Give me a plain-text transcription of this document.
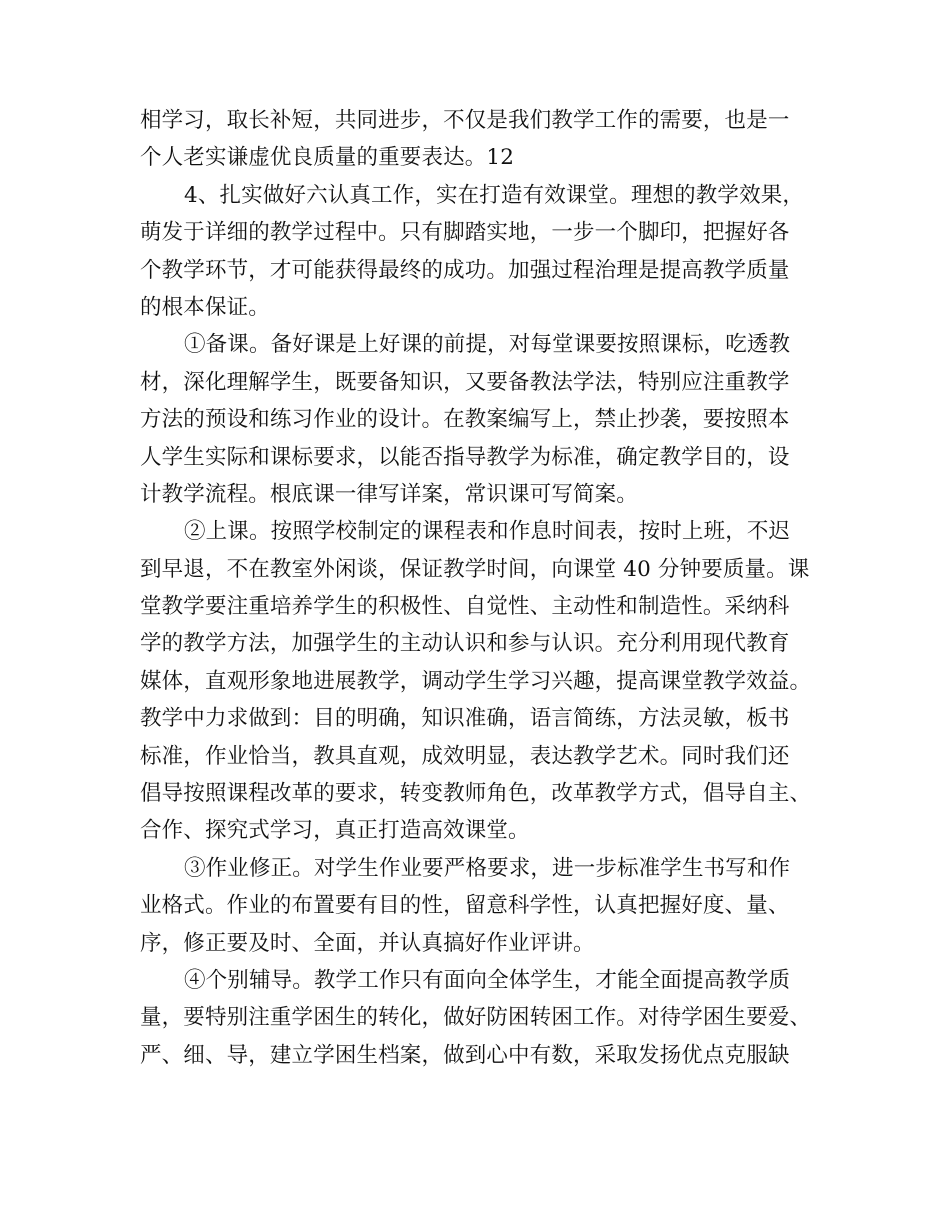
相学习，取长补短，共同进步，不仅是我们教学工作的需要，也是一
个人老实谦虚优良质量的重要表达。12
4、扎实做好六认真工作，实在打造有效课堂。理想的教学效果，
萌发于详细的教学过程中。只有脚踏实地，一步一个脚印，把握好各
个教学环节，才可能获得最终的成功。加强过程治理是提高教学质量
的根本保证。
①备课。备好课是上好课的前提，对每堂课要按照课标，吃透教
材，深化理解学生，既要备知识，又要备教法学法，特别应注重教学
方法的预设和练习作业的设计。在教案编写上，禁止抄袭，要按照本
人学生实际和课标要求，以能否指导教学为标准，确定教学目的，设
计教学流程。根底课一律写详案，常识课可写简案。
②上课。按照学校制定的课程表和作息时间表，按时上班，不迟
到早退，不在教室外闲谈，保证教学时间，向课堂 40 分钟要质量。课
堂教学要注重培养学生的积极性、自觉性、主动性和制造性。采纳科
学的教学方法，加强学生的主动认识和参与认识。充分利用现代教育
媒体，直观形象地进展教学，调动学生学习兴趣，提高课堂教学效益。
教学中力求做到：目的明确，知识准确，语言简练，方法灵敏，板书
标准，作业恰当，教具直观，成效明显，表达教学艺术。同时我们还
倡导按照课程改革的要求，转变教师角色，改革教学方式，倡导自主、
合作、探究式学习，真正打造高效课堂。
③作业修正。对学生作业要严格要求，进一步标准学生书写和作
业格式。作业的布置要有目的性，留意科学性，认真把握好度、量、
序，修正要及时、全面，并认真搞好作业评讲。
④个别辅导。教学工作只有面向全体学生，才能全面提高教学质
量，要特别注重学困生的转化，做好防困转困工作。对待学困生要爱、
严、细、导，建立学困生档案，做到心中有数，采取发扬优点克服缺
